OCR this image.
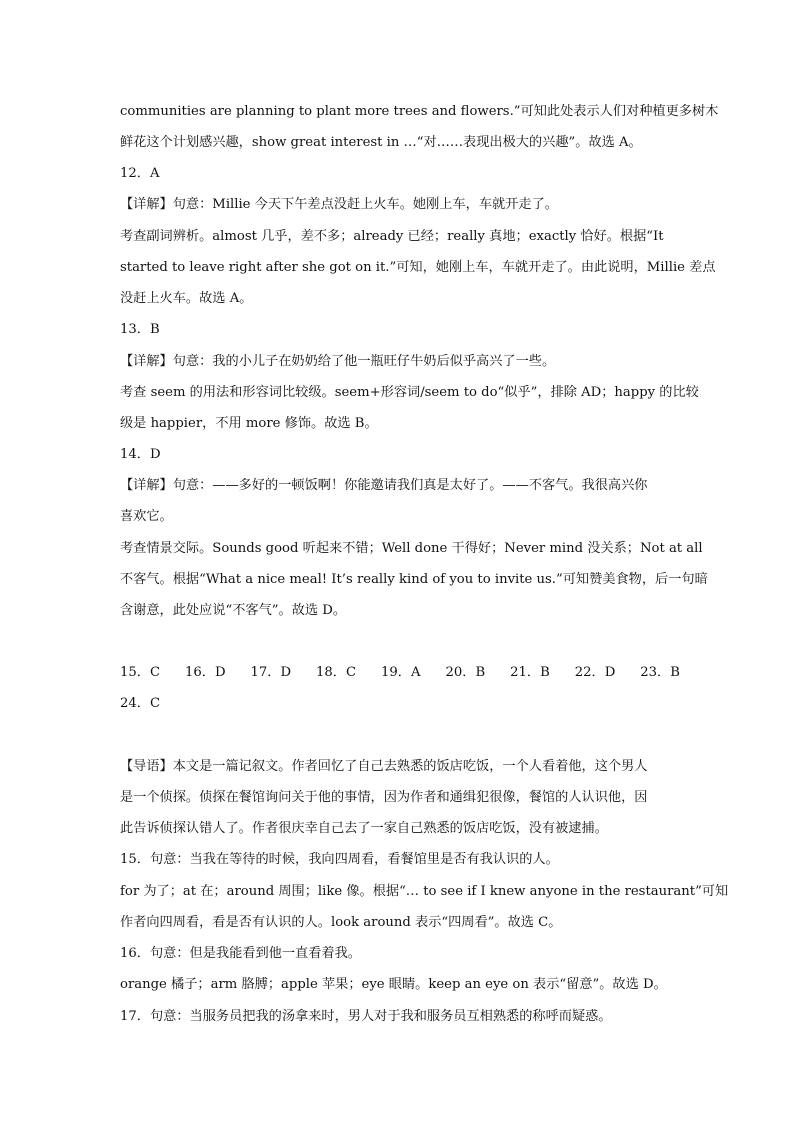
communities are planning to plant more trees and flowers.”可知此处表示人们对种植更多树木
鲜花这个计划感兴趣，show great interest in …“对……表现出极大的兴趣”。故选 A。
12．A
【详解】句意：Millie 今天下午差点没赶上火车。她刚上车，车就开走了。
考查副词辨析。almost 几乎，差不多；already 已经；really 真地；exactly 恰好。根据“It
started to leave right after she got on it.”可知，她刚上车，车就开走了。由此说明，Millie 差点
没赶上火车。故选 A。
13．B
【详解】句意：我的小儿子在奶奶给了他一瓶旺仔牛奶后似乎高兴了一些。
考查 seem 的用法和形容词比较级。seem+形容词/seem to do“似乎”，排除 AD；happy 的比较
级是 happier，不用 more 修饰。故选 B。
14．D
【详解】句意：——多好的一顿饭啊！你能邀请我们真是太好了。——不客气。我很高兴你
喜欢它。
考查情景交际。Sounds good 听起来不错；Well done 干得好；Never mind 没关系；Not at all
不客气。根据“What a nice meal! It’s really kind of you to invite us.”可知赞美食物，后一句暗
含谢意，此处应说“不客气”。故选 D。
15．C 16．D 17．D 18．C 19．A 20．B 21．B 22．D 23．B
24．C
【导语】本文是一篇记叙文。作者回忆了自己去熟悉的饭店吃饭，一个人看着他，这个男人
是一个侦探。侦探在餐馆询问关于他的事情，因为作者和通缉犯很像，餐馆的人认识他，因
此告诉侦探认错人了。作者很庆幸自己去了一家自己熟悉的饭店吃饭，没有被逮捕。
15．句意：当我在等待的时候，我向四周看，看餐馆里是否有我认识的人。
for 为了；at 在；around 周围；like 像。根据“… to see if I knew anyone in the restaurant”可知
作者向四周看，看是否有认识的人。look around 表示“四周看”。故选 C。
16．句意：但是我能看到他一直看着我。
orange 橘子；arm 胳膊；apple 苹果；eye 眼睛。keep an eye on 表示“留意”。故选 D。
17．句意：当服务员把我的汤拿来时，男人对于我和服务员互相熟悉的称呼而疑惑。
